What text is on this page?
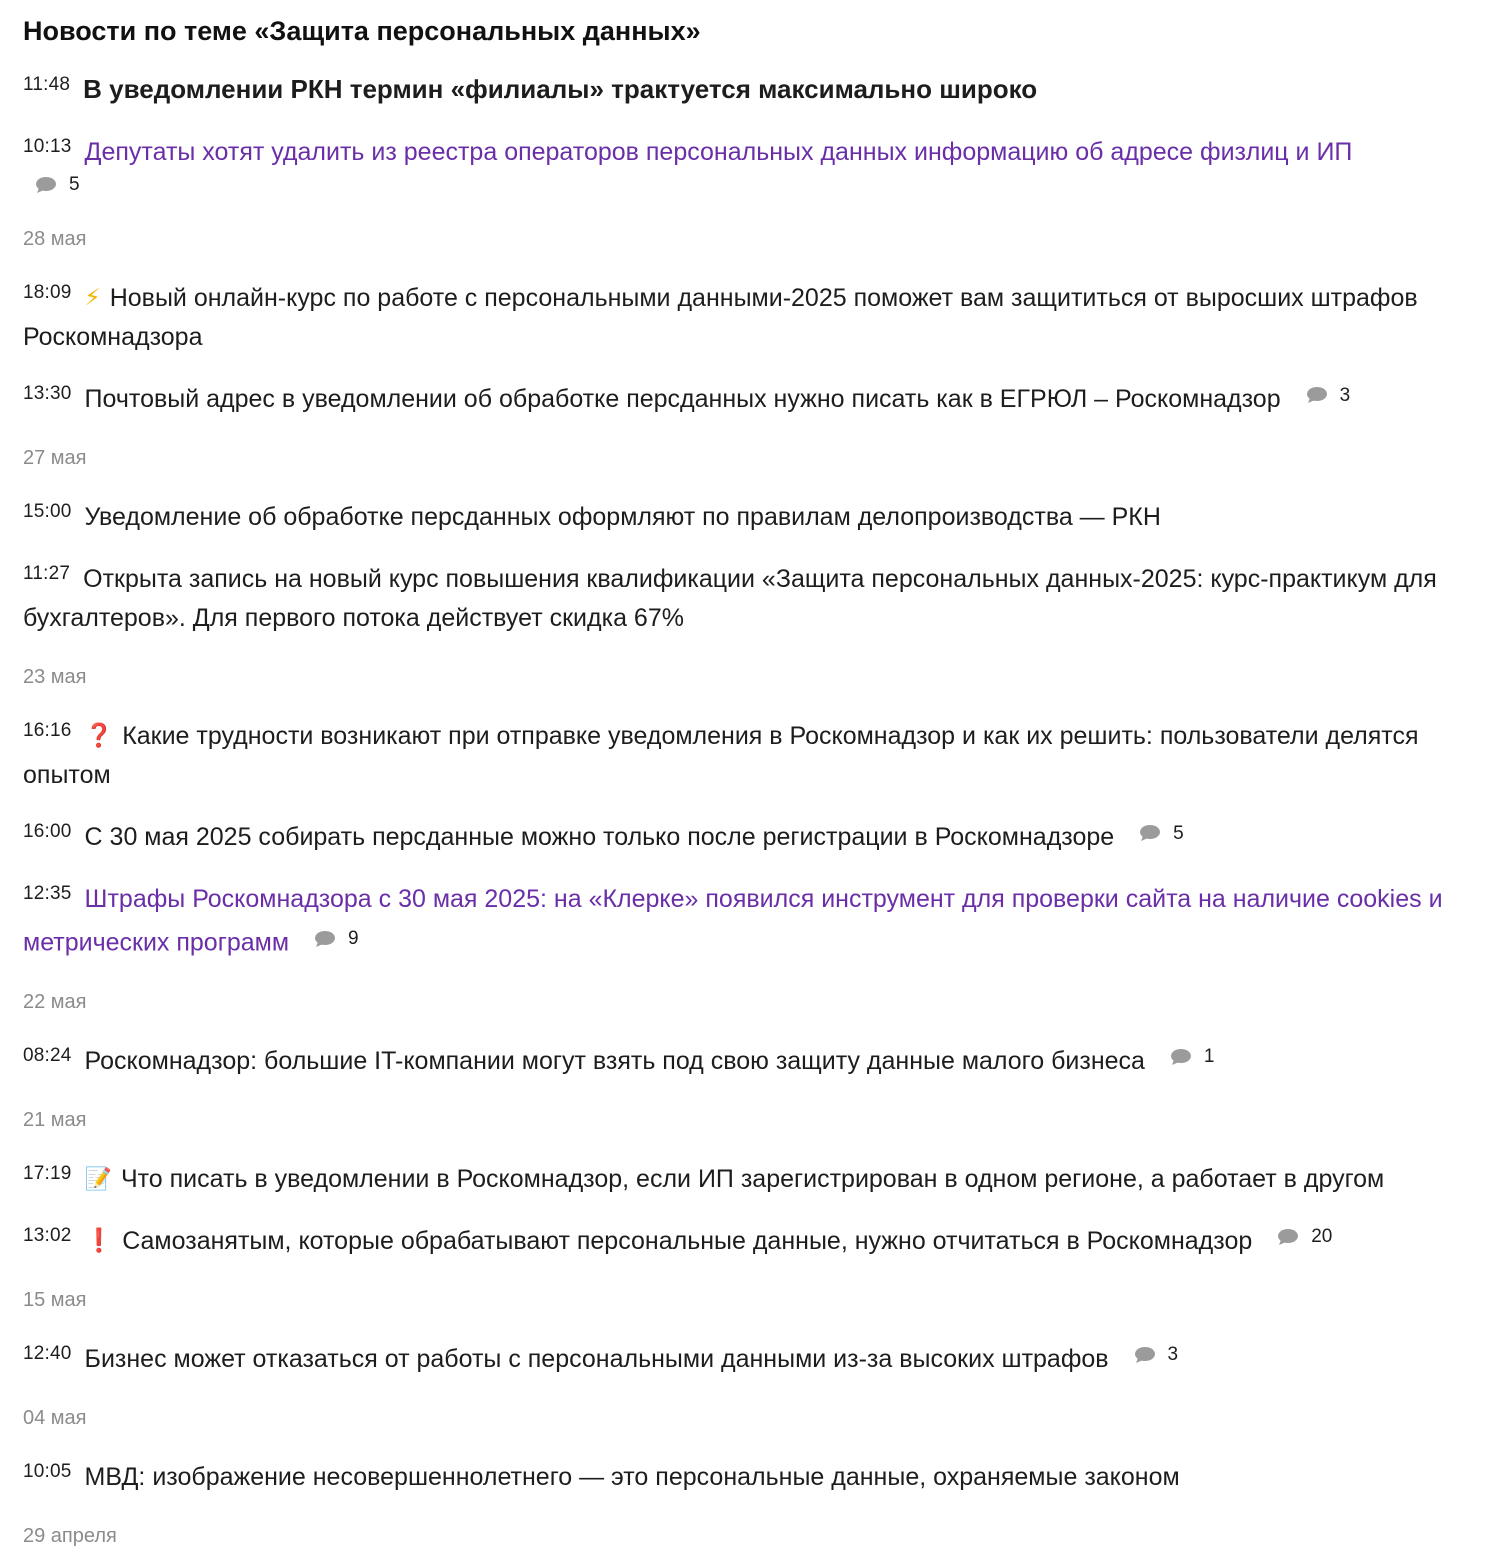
Новости по теме «Защита персональных данных»
11:48 В уведомлении РКН термин «филиалы» трактуется максимально широко
10:13 Депутаты хотят удалить из реестра операторов персональных данных информацию об адресе физлиц и ИП
5
28 мая
18:09 ⚡ Новый онлайн-курс по работе с персональными данными-2025 поможет вам защититься от выросших штрафов Роскомнадзора
13:30 Почтовый адрес в уведомлении об обработке персданных нужно писать как в ЕГРЮЛ – Роскомнадзор	3
27 мая
15:00 Уведомление об обработке персданных оформляют по правилам делопроизводства — РКН
11:27 Открыта запись на новый курс повышения квалификации «Защита персональных данных-2025: курс-практикум для бухгалтеров». Для первого потока действует скидка 67%
23 мая
16:16 ❓ Какие трудности возникают при отправке уведомления в Роскомнадзор и как их решить: пользователи делятся опытом
16:00 С 30 мая 2025 собирать персданные можно только после регистрации в Роскомнадзоре	5
12:35 Штрафы Роскомнадзора с 30 мая 2025: на «Клерке» появился инструмент для проверки сайта на наличие cookies и метрических программ	9
22 мая
08:24 Роскомнадзор: большие IT-компании могут взять под свою защиту данные малого бизнеса	1
21 мая
17:19 📝 Что писать в уведомлении в Роскомнадзор, если ИП зарегистрирован в одном регионе, а работает в другом
13:02 ❗ Самозанятым, которые обрабатывают персональные данные, нужно отчитаться в Роскомнадзор	20
15 мая
12:40 Бизнес может отказаться от работы с персональными данными из-за высоких штрафов	3
04 мая
10:05 МВД: изображение несовершеннолетнего — это персональные данные, охраняемые законом
29 апреля
